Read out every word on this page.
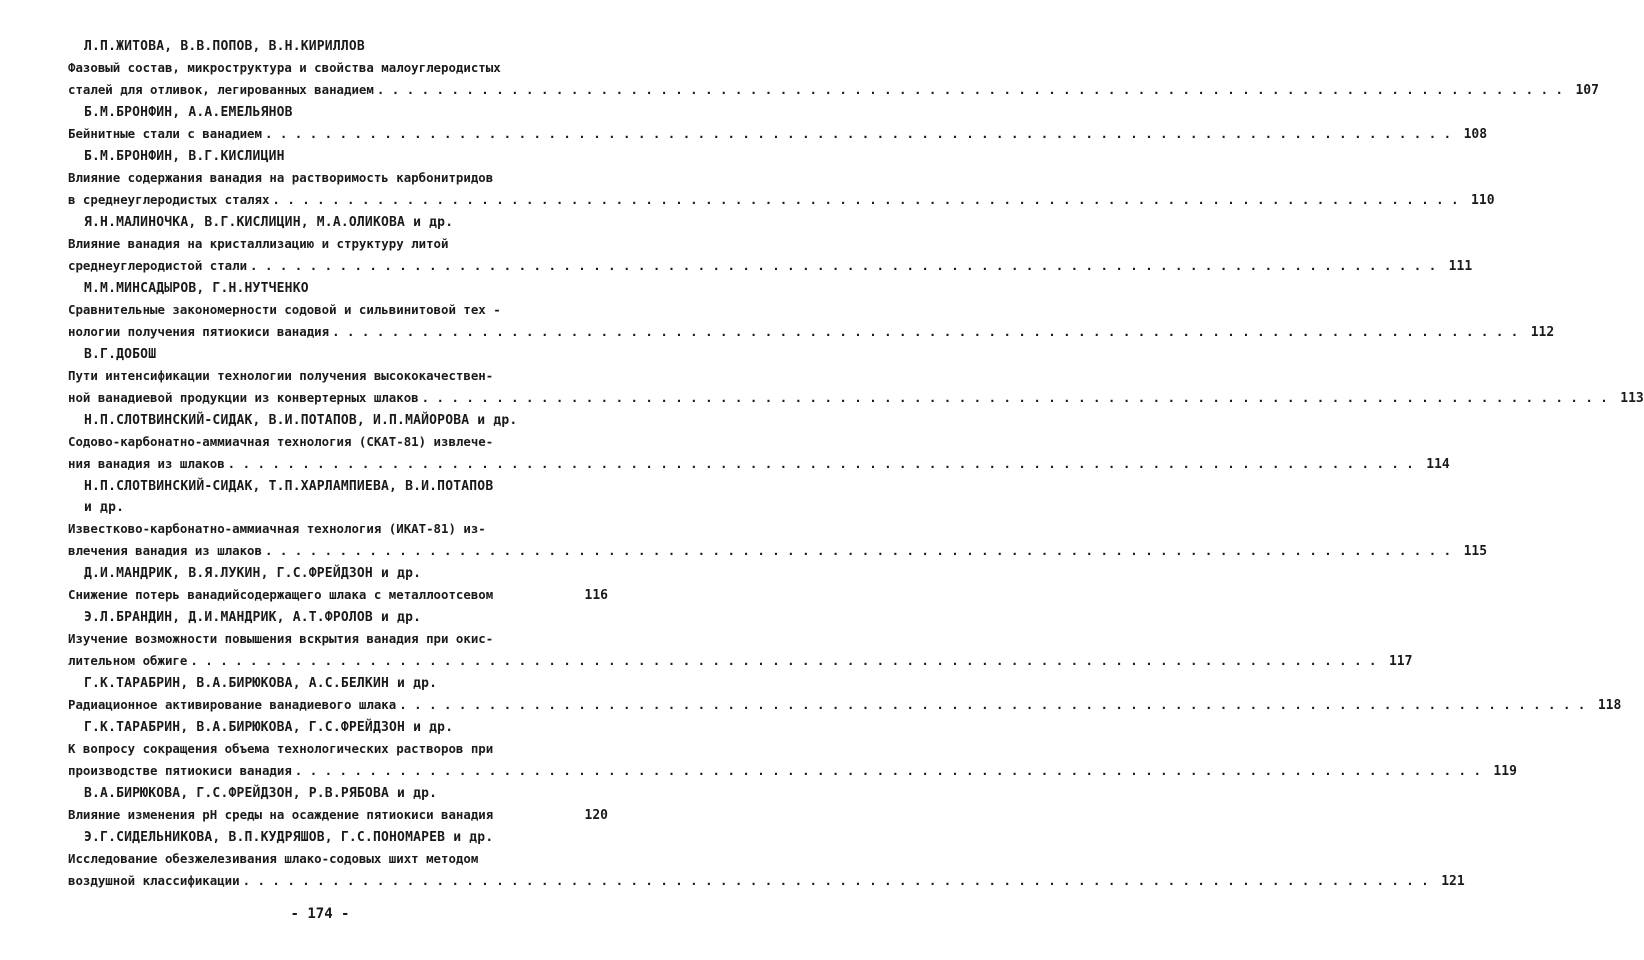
Л.П.ЖИТОВА, В.В.ПОПОВ, В.Н.КИРИЛЛОВ
Фазовый состав, микроструктура и свойства малоуглеродистых
сталей для отливок, легированных ванадием . . . . . . . . . . . . . . . . . . . . . . . . . . . . . . . . . . . . . . . . . . . . . . . . . . . . . . . . . . . . . . . . . . . . . . . . . . . . . . . . 107
Б.М.БРОНФИН, А.А.ЕМЕЛЬЯНОВ
Бейнитные стали с ванадием . . . . . . . . . . . . . . . . . . . . . . . . . . . . . . . . . . . . . . . . . . . . . . . . . . . . . . . . . . . . . . . . . . . . . . . . . . . . . . . . 108
Б.М.БРОНФИН, В.Г.КИСЛИЦИН
Влияние содержания ванадия на растворимость карбонитридов
в среднеуглеродистых сталях . . . . . . . . . . . . . . . . . . . . . . . . . . . . . . . . . . . . . . . . . . . . . . . . . . . . . . . . . . . . . . . . . . . . . . . . . . . . . . . . 110
Я.Н.МАЛИНОЧКА, В.Г.КИСЛИЦИН, М.А.ОЛИКОВА и др.
Влияние ванадия на кристаллизацию и структуру литой
среднеуглеродистой стали . . . . . . . . . . . . . . . . . . . . . . . . . . . . . . . . . . . . . . . . . . . . . . . . . . . . . . . . . . . . . . . . . . . . . . . . . . . . . . . . 111
М.М.МИНСАДЫРОВ, Г.Н.НУТЧЕНКО
Сравнительные закономерности содовой и сильвинитовой тех -
нологии получения пятиокиси ванадия . . . . . . . . . . . . . . . . . . . . . . . . . . . . . . . . . . . . . . . . . . . . . . . . . . . . . . . . . . . . . . . . . . . . . . . . . . . . . . . . 112
В.Г.ДОБОШ
Пути интенсификации технологии получения высококачествен-
ной ванадиевой продукции из конвертерных шлаков . . . . . . . . . . . . . . . . . . . . . . . . . . . . . . . . . . . . . . . . . . . . . . . . . . . . . . . . . . . . . . . . . . . . . . . . . . . . . . . . 113
Н.П.СЛОТВИНСКИЙ-СИДАК, В.И.ПОТАПОВ, И.П.МАЙОРОВА и др.
Содово-карбонатно-аммиачная технология (СКАТ-81) извлече-
ния ванадия из шлаков . . . . . . . . . . . . . . . . . . . . . . . . . . . . . . . . . . . . . . . . . . . . . . . . . . . . . . . . . . . . . . . . . . . . . . . . . . . . . . . . 114
Н.П.СЛОТВИНСКИЙ-СИДАК, Т.П.ХАРЛАМПИЕВА, В.И.ПОТАПОВ
и др.
Известково-карбонатно-аммиачная технология (ИКАТ-81) из-
влечения ванадия из шлаков . . . . . . . . . . . . . . . . . . . . . . . . . . . . . . . . . . . . . . . . . . . . . . . . . . . . . . . . . . . . . . . . . . . . . . . . . . . . . . . . 115
Д.И.МАНДРИК, В.Я.ЛУКИН, Г.С.ФРЕЙДЗОН и др.
Снижение потерь ванадийсодержащего шлака с металлоотсевом	116
Э.Л.БРАНДИН, Д.И.МАНДРИК, А.Т.ФРОЛОВ и др.
Изучение возможности повышения вскрытия ванадия при окис-
лительном обжиге . . . . . . . . . . . . . . . . . . . . . . . . . . . . . . . . . . . . . . . . . . . . . . . . . . . . . . . . . . . . . . . . . . . . . . . . . . . . . . . . 117
Г.К.ТАРАБРИН, В.А.БИРЮКОВА, А.С.БЕЛКИН и др.
Радиационное активирование ванадиевого шлака . . . . . . . . . . . . . . . . . . . . . . . . . . . . . . . . . . . . . . . . . . . . . . . . . . . . . . . . . . . . . . . . . . . . . . . . . . . . . . . . 118
Г.К.ТАРАБРИН, В.А.БИРЮКОВА, Г.С.ФРЕЙДЗОН и др.
К вопросу сокращения объема технологических растворов при
производстве пятиокиси ванадия . . . . . . . . . . . . . . . . . . . . . . . . . . . . . . . . . . . . . . . . . . . . . . . . . . . . . . . . . . . . . . . . . . . . . . . . . . . . . . . . 119
В.А.БИРЮКОВА, Г.С.ФРЕЙДЗОН, Р.В.РЯБОВА и др.
Влияние изменения рН среды на осаждение пятиокиси ванадия	120
Э.Г.СИДЕЛЬНИКОВА, В.П.КУДРЯШОВ, Г.С.ПОНОМАРЕВ и др.
Исследование обезжелезивания шлако-содовых шихт методом
воздушной классификации . . . . . . . . . . . . . . . . . . . . . . . . . . . . . . . . . . . . . . . . . . . . . . . . . . . . . . . . . . . . . . . . . . . . . . . . . . . . . . . . 121
- 174 -
